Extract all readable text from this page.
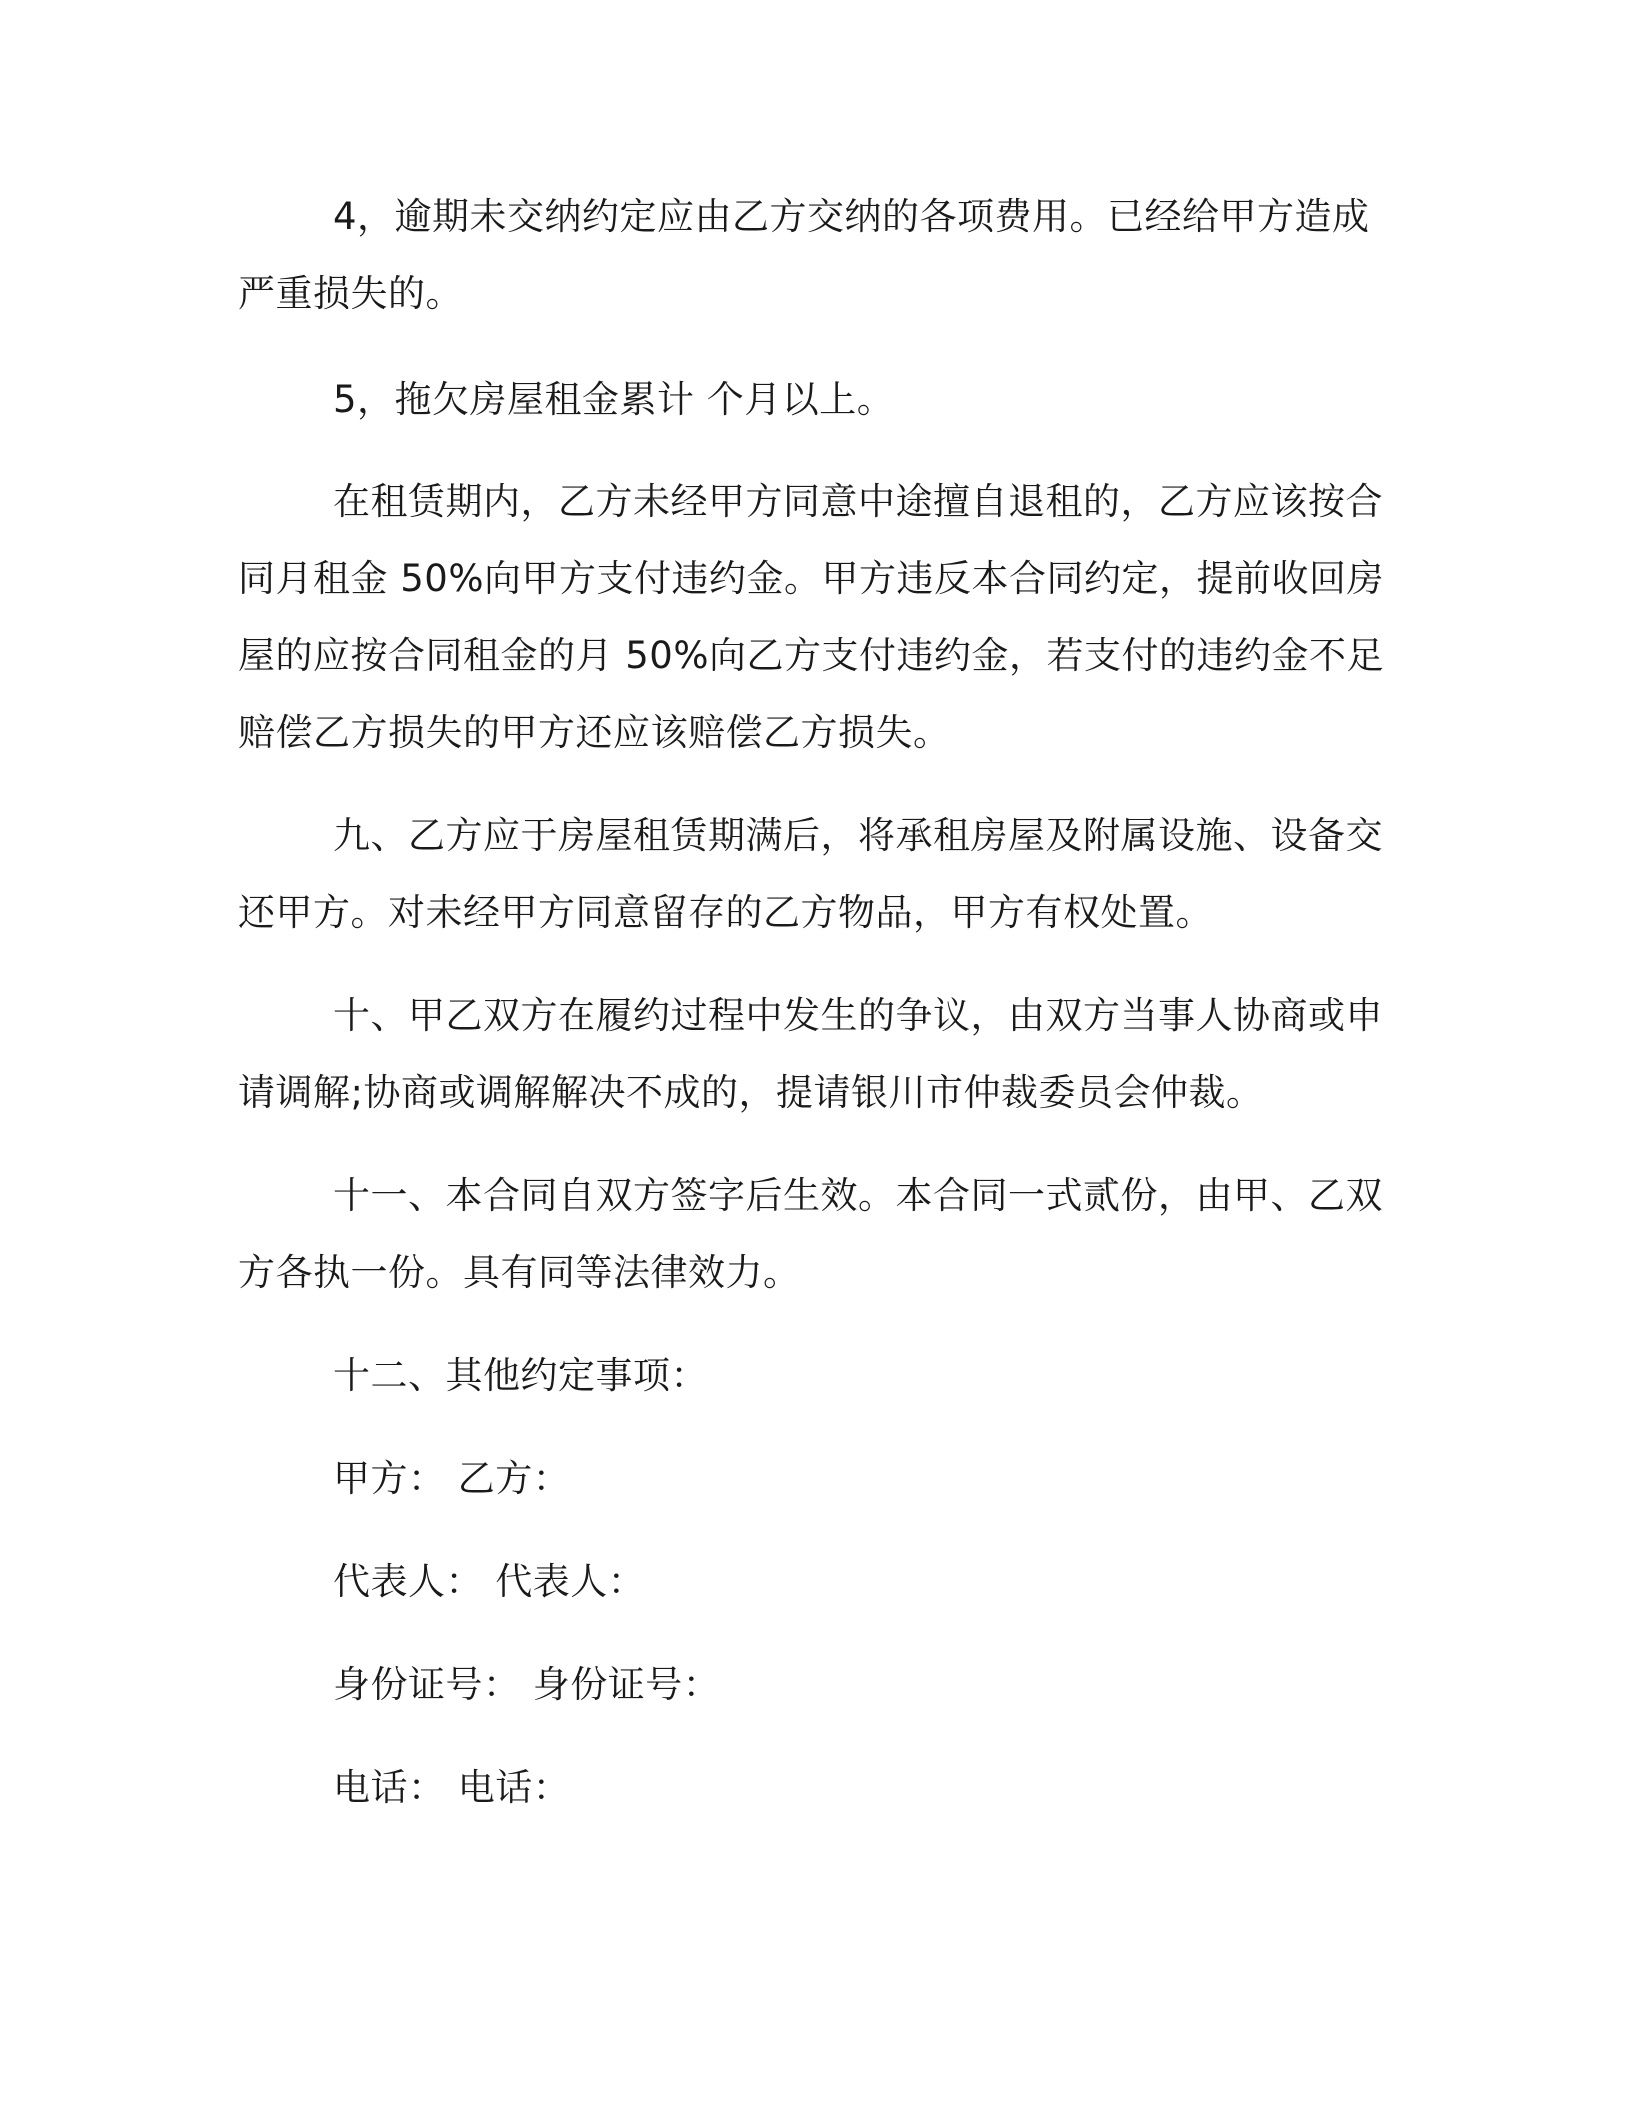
4，逾期未交纳约定应由乙方交纳的各项费用。已经给甲方造成

严重损失的。

5，拖欠房屋租金累计 个月以上。

在租赁期内，乙方未经甲方同意中途擅自退租的，乙方应该按合

同月租金 50%向甲方支付违约金。甲方违反本合同约定，提前收回房

屋的应按合同租金的月 50%向乙方支付违约金，若支付的违约金不足

赔偿乙方损失的甲方还应该赔偿乙方损失。

九、乙方应于房屋租赁期满后，将承租房屋及附属设施、设备交

还甲方。对未经甲方同意留存的乙方物品，甲方有权处置。

十、甲乙双方在履约过程中发生的争议，由双方当事人协商或申

请调解;协商或调解解决不成的，提请银川市仲裁委员会仲裁。

十一、本合同自双方签字后生效。本合同一式贰份，由甲、乙双

方各执一份。具有同等法律效力。

十二、其他约定事项：

甲方： 乙方：

代表人： 代表人：

身份证号： 身份证号：

电话： 电话：
